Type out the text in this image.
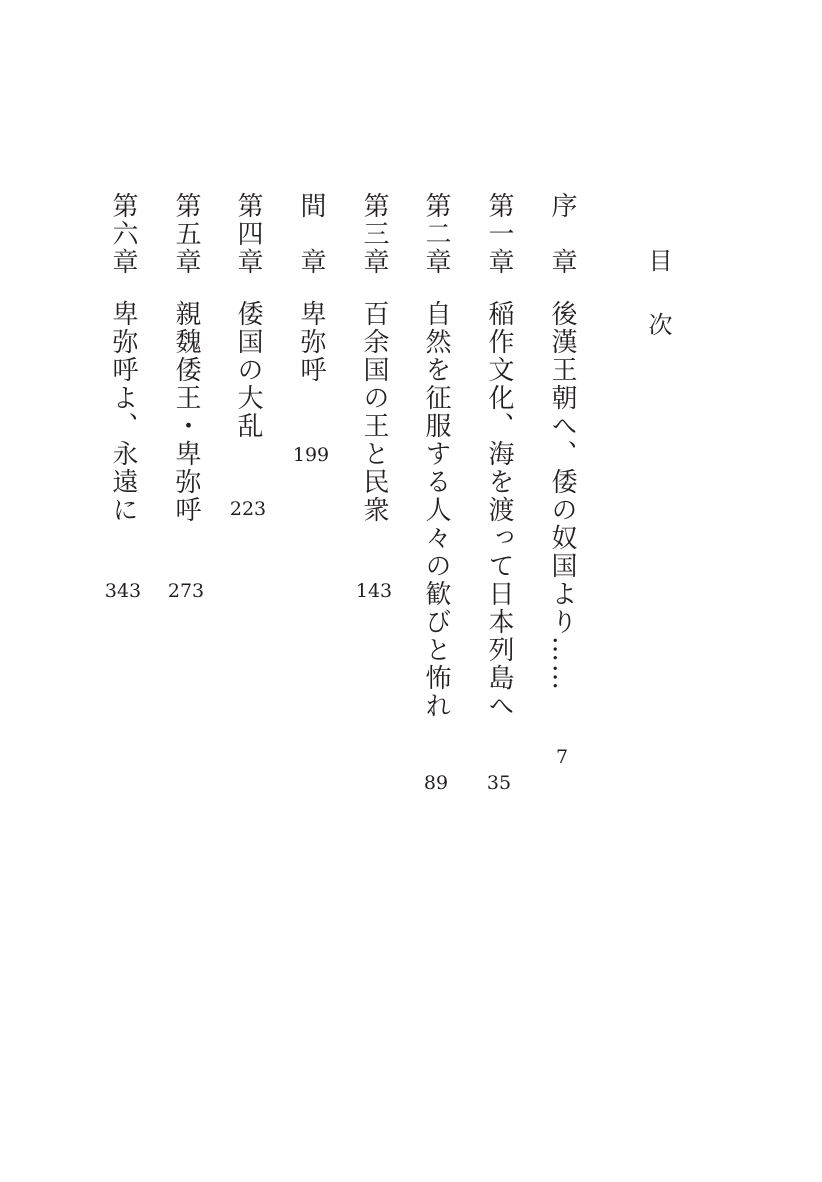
目　次
序　章
後漢王朝へ、倭の奴国より……
7
第一章
稲作文化、海を渡って日本列島へ
35
第二章
自然を征服する人々の歓びと怖れ
89
第三章
百余国の王と民衆
143
間　章
卑弥呼
199
第四章
倭国の大乱
223
第五章
親魏倭王・卑弥呼
273
第六章
卑弥呼よ、永遠に
343
